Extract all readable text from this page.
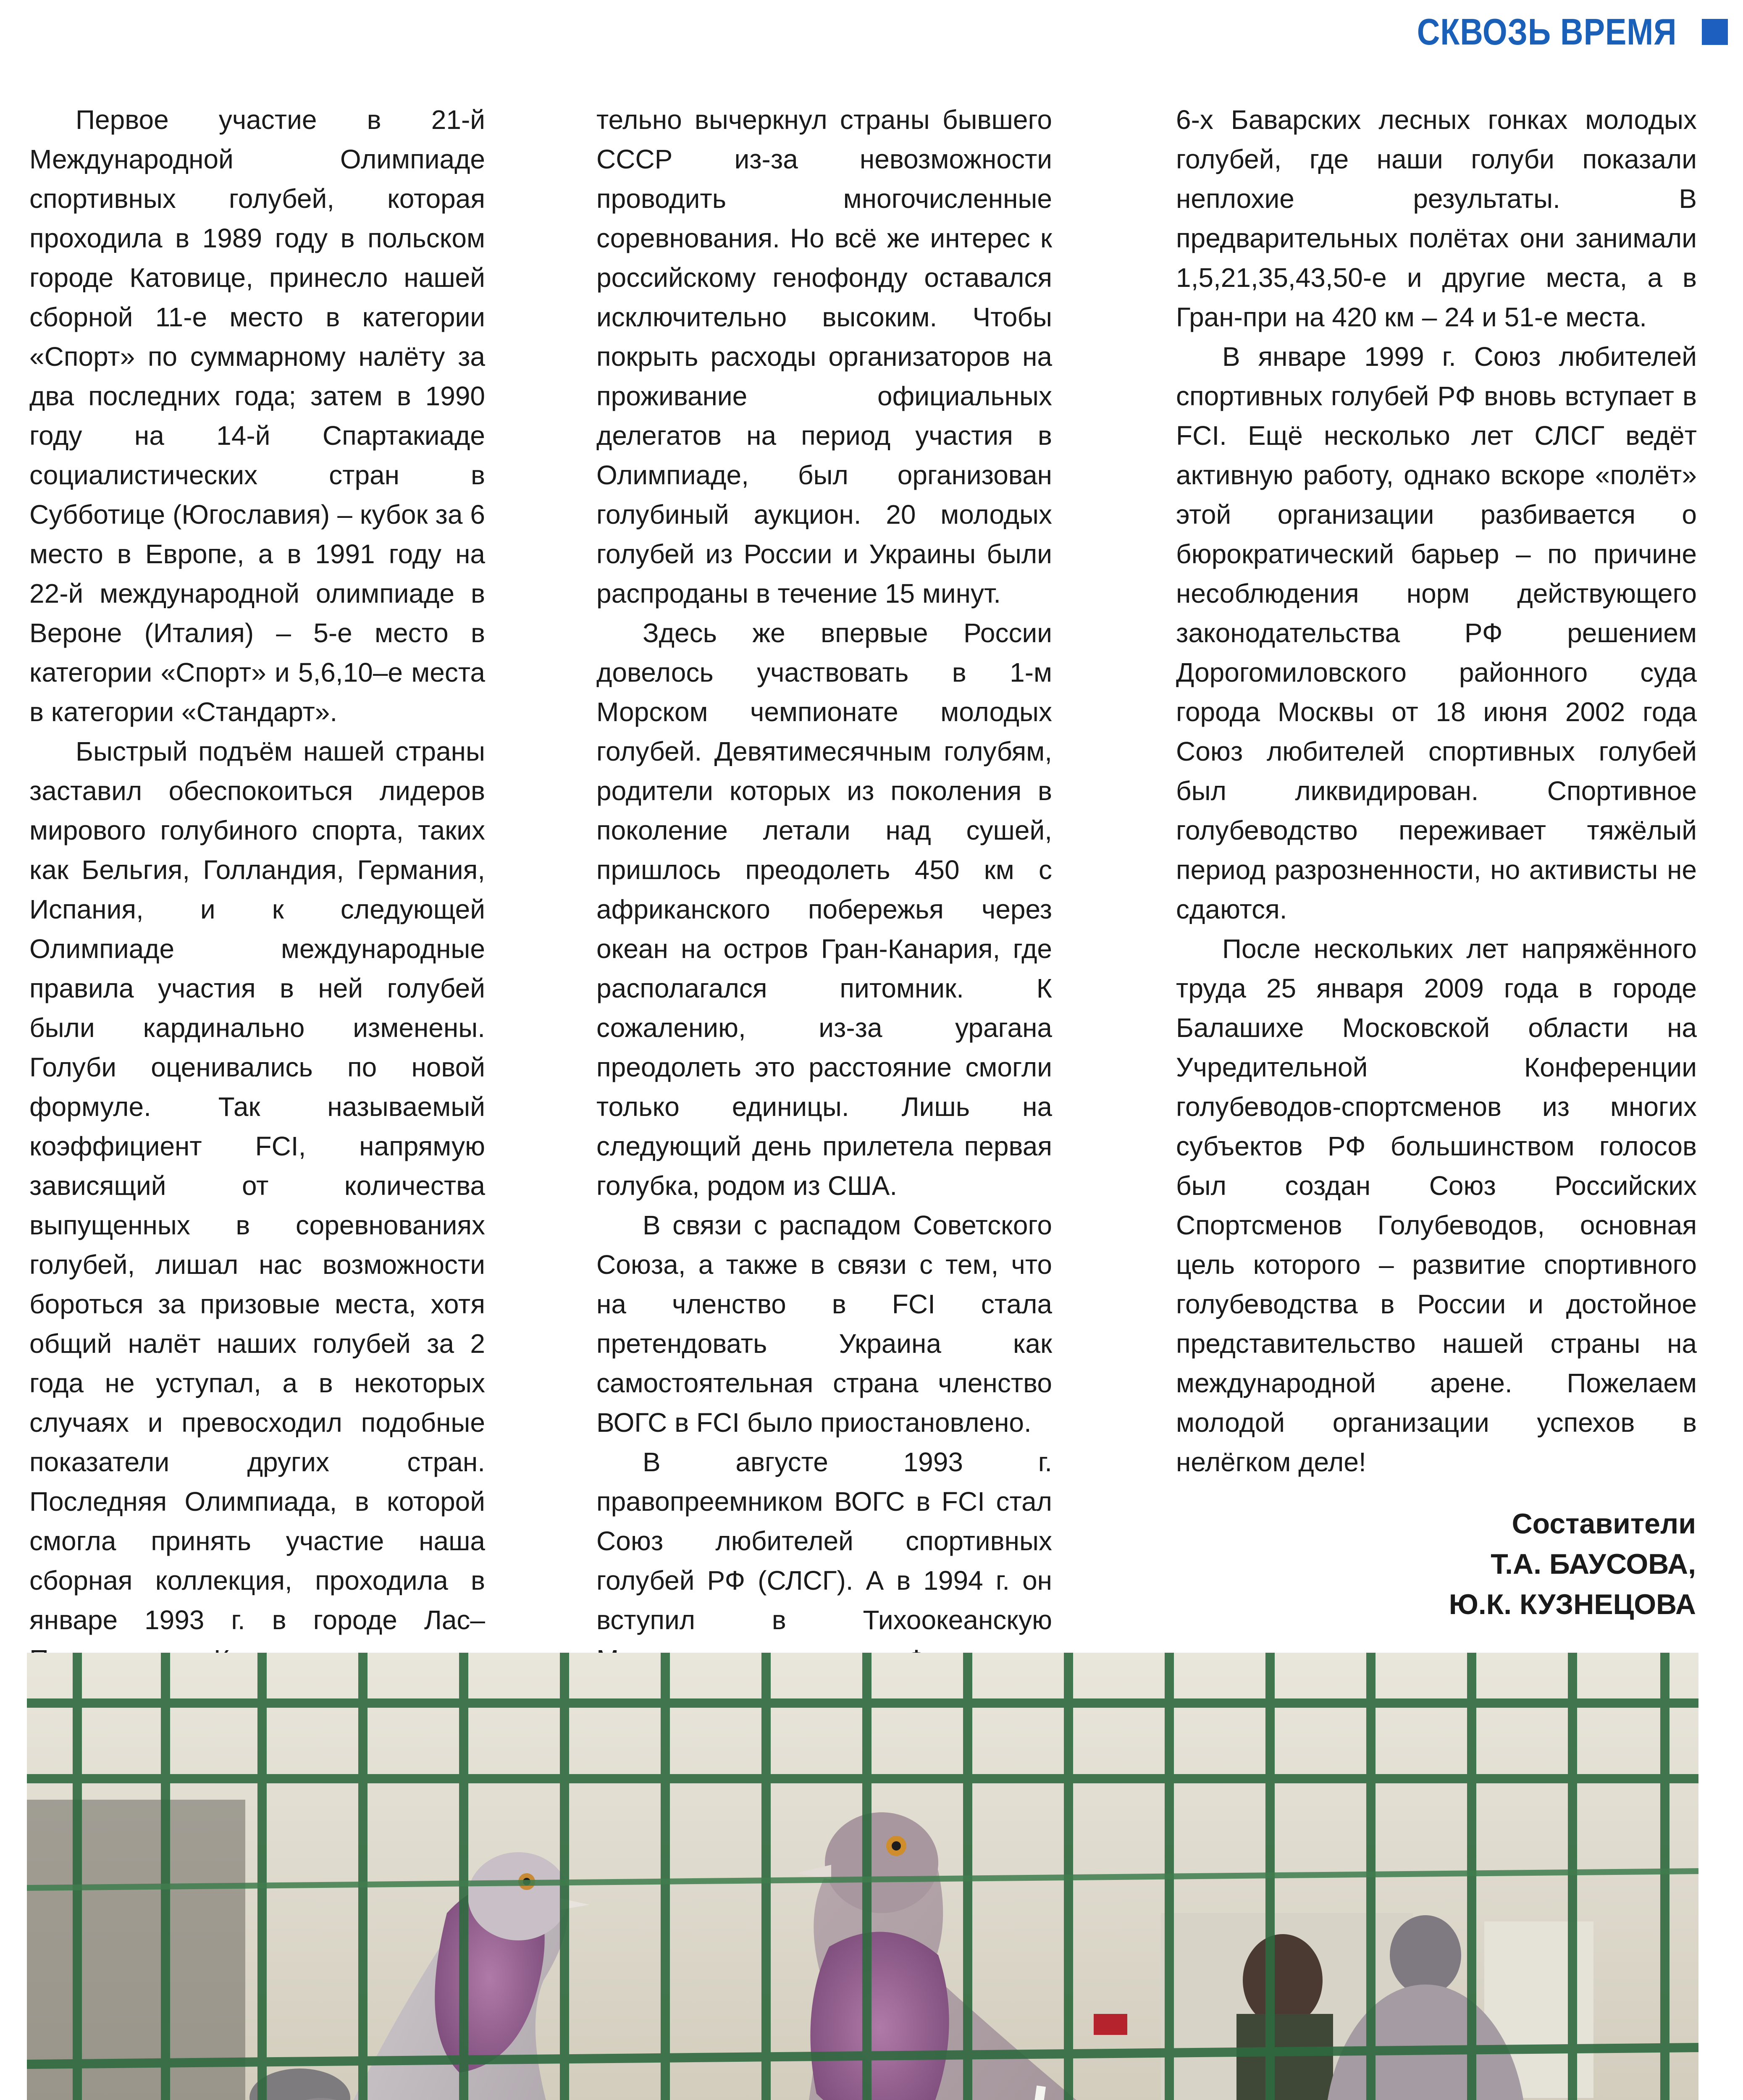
СКВОЗЬ ВРЕМЯ

Первое участие в 21-й Международной Олимпиаде спортивных голубей, которая проходила в 1989 году в польском городе Катовице, принесло нашей сборной 11-е место в категории «Спорт» по суммарному налёту за два последних года; затем в 1990 году на 14-й Спартакиаде социалистических стран в Субботице (Югославия) – кубок за 6 место в Европе, а в 1991 году на 22-й международной олимпиаде в Вероне (Италия) – 5-е место в категории «Спорт» и 5,6,10–е места в категории «Стандарт».

Быстрый подъём нашей страны заставил обеспокоиться лидеров мирового голубиного спорта, таких как Бельгия, Голландия, Германия, Испания, и к следующей Олимпиаде международные правила участия в ней голубей были кардинально изменены. Голуби оценивались по новой формуле. Так называемый коэффициент FCI, напрямую зависящий от количества выпущенных в соревнованиях голубей, лишал нас возможности бороться за призовые места, хотя общий налёт наших голубей за 2 года не уступал, а в некоторых случаях и превосходил подобные показатели других стран. Последняя Олимпиада, в которой смогла принять участие наша сборная коллекция, проходила в январе 1993 г. в городе Лас–

тельно вычеркнул страны бывшего СССР из-за невозможности проводить многочисленные соревнования. Но всё же интерес к российскому генофонду оставался исключительно высоким. Чтобы покрыть расходы организаторов на проживание официальных делегатов на период участия в Олимпиаде, был организован голубиный аукцион. 20 молодых голубей из России и Украины были распроданы в течение 15 минут.

Здесь же впервые России довелось участвовать в 1-м Морском чемпионате молодых голубей. Девятимесячным голубям, родители которых из поколения в поколение летали над сушей, пришлось преодолеть 450 км с африканского побережья через океан на остров Гран-Канария, где располагался питомник. К сожалению, из-за урагана преодолеть это расстояние смогли только единицы. Лишь на следующий день прилетела первая голубка, родом из США.

В связи с распадом Советского Союза, а также в связи с тем, что на членство в FCI стала претендовать Украина как самостоятельная страна членство ВОГС в FCI было приостановлено.

В августе 1993 г. правопреемником ВОГС в FCI стал Союз любителей спортивных голубей РФ (СЛСГ). А в 1994 г. он вступил в Тихоокеанскую

6-х Баварских лесных гонках молодых голубей, где наши голуби показали неплохие результаты. В предварительных полётах они занимали 1,5,21,35,43,50-е и другие места, а в Гран-при на 420 км – 24 и 51-е места.

В январе 1999 г. Союз любителей спортивных голубей РФ вновь вступает в FCI. Ещё несколько лет СЛСГ ведёт активную работу, однако вскоре «полёт» этой организации разбивается о бюрократический барьер – по причине несоблюдения норм действующего законодательства РФ решением Дорогомиловского районного суда города Москвы от 18 июня 2002 года Союз любителей спортивных голубей был ликвидирован. Спортивное голубеводство переживает тяжёлый период разрозненности, но активисты не сдаются.

После нескольких лет напряжённого труда 25 января 2009 года в городе Балашихе Московской области на Учредительной Конференции голубеводов-спортсменов из многих субъектов РФ большинством голосов был создан Союз Российских Спортсменов Голубеводов, основная цель которого – развитие спортивного голубеводства в России и достойное представительство нашей страны на международной арене. Пожелаем молодой организации успехов в нелёгком деле!

Составители
Т.А. БАУСОВА,
Ю.К. КУЗНЕЦОВА
